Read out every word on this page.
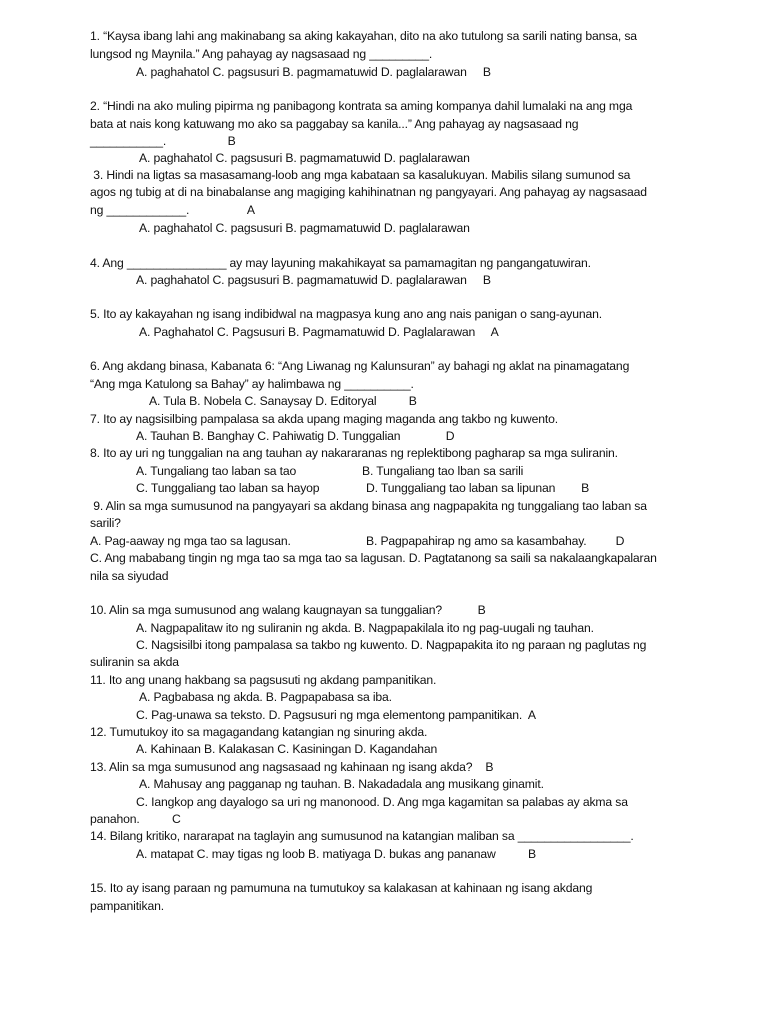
1. “Kaysa ibang lahi ang makinabang sa aking kakayahan, dito na ako tutulong sa sarili nating bansa, sa
lungsod ng Maynila.” Ang pahayag ay nagsasaad ng _________.
A. paghahatol C. pagsusuri B. pagmamatuwid D. paglalarawan     B
2. “Hindi na ako muling pipirma ng panibagong kontrata sa aming kompanya dahil lumalaki na ang mga
bata at nais kong katuwang mo ako sa paggabay sa kanila...” Ang pahayag ay nagsasaad ng
___________.                   B
A. paghahatol C. pagsusuri B. pagmamatuwid D. paglalarawan
3. Hindi na ligtas sa masasamang-loob ang mga kabataan sa kasalukuyan. Mabilis silang sumunod sa
agos ng tubig at di na binabalanse ang magiging kahihinatnan ng pangyayari. Ang pahayag ay nagsasaad
ng ____________.                  A
A. paghahatol C. pagsusuri B. pagmamatuwid D. paglalarawan
4. Ang _______________ ay may layuning makahikayat sa pamamagitan ng pangangatuwiran.
A. paghahatol C. pagsusuri B. pagmamatuwid D. paglalarawan     B
5. Ito ay kakayahan ng isang indibidwal na magpasya kung ano ang nais panigan o sang-ayunan.
A. Paghahatol C. Pagsusuri B. Pagmamatuwid D. Paglalarawan     A
6. Ang akdang binasa, Kabanata 6: “Ang Liwanag ng Kalunsuran” ay bahagi ng aklat na pinamagatang
“Ang mga Katulong sa Bahay” ay halimbawa ng __________.
A. Tula B. Nobela C. Sanaysay D. Editoryal          B
7. Ito ay nagsisilbing pampalasa sa akda upang maging maganda ang takbo ng kuwento.
A. Tauhan B. Banghay C. Pahiwatig D. Tunggalian              D
8. Ito ay uri ng tunggalian na ang tauhan ay nakararanas ng replektibong pagharap sa mga suliranin.
A. Tungaliang tao laban sa tao	B. Tungaliang tao lban sa sarili
C. Tunggaliang tao laban sa hayop	D. Tunggaliang tao laban sa lipunan        B
9. Alin sa mga sumusunod na pangyayari sa akdang binasa ang nagpapakita ng tunggaliang tao laban sa
sarili?
A. Pag-aaway ng mga tao sa lagusan.	B. Pagpapahirap ng amo sa kasambahay.         D
C. Ang mababang tingin ng mga tao sa mga tao sa lagusan. D. Pagtatanong sa saili sa nakalaangkapalaran
nila sa siyudad
10. Alin sa mga sumusunod ang walang kaugnayan sa tunggalian?           B
A. Nagpapalitaw ito ng suliranin ng akda. B. Nagpapakilala ito ng pag-uugali ng tauhan.
C. Nagsisilbi itong pampalasa sa takbo ng kuwento. D. Nagpapakita ito ng paraan ng paglutas ng
suliranin sa akda
11. Ito ang unang hakbang sa pagsusuti ng akdang pampanitikan.
A. Pagbabasa ng akda. B. Pagpapabasa sa iba.
C. Pag-unawa sa teksto. D. Pagsusuri ng mga elementong pampanitikan.  A
12. Tumutukoy ito sa magagandang katangian ng sinuring akda.
A. Kahinaan B. Kalakasan C. Kasiningan D. Kagandahan
13. Alin sa mga sumusunod ang nagsasaad ng kahinaan ng isang akda?    B
A. Mahusay ang pagganap ng tauhan. B. Nakadadala ang musikang ginamit.
C. Iangkop ang dayalogo sa uri ng manonood. D. Ang mga kagamitan sa palabas ay akma sa
panahon.          C
14. Bilang kritiko, nararapat na taglayin ang sumusunod na katangian maliban sa _________________.
A. matapat C. may tigas ng loob B. matiyaga D. bukas ang pananaw          B
15. Ito ay isang paraan ng pamumuna na tumutukoy sa kalakasan at kahinaan ng isang akdang
pampanitikan.
